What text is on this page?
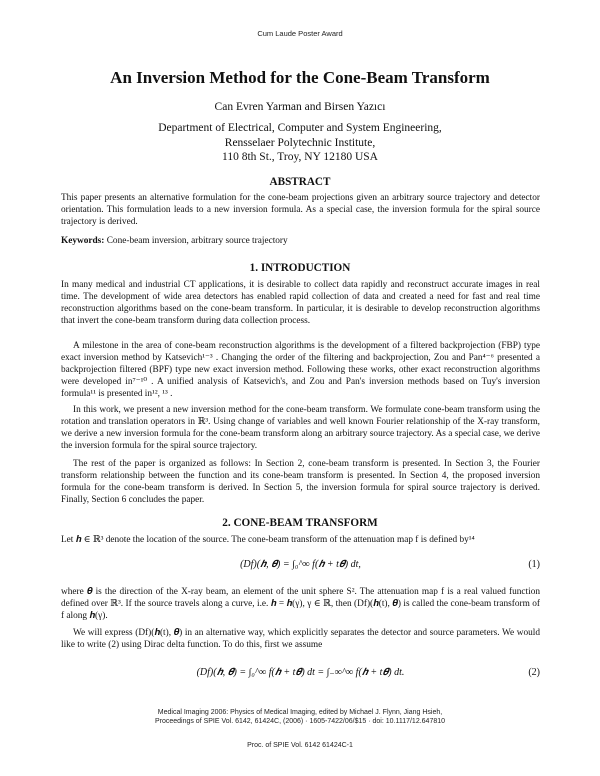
Cum Laude Poster Award
An Inversion Method for the Cone-Beam Transform
Can Evren Yarman and Birsen Yazıcı
Department of Electrical, Computer and System Engineering,
Rensselaer Polytechnic Institute,
110 8th St., Troy, NY 12180 USA
ABSTRACT

This paper presents an alternative formulation for the cone-beam projections given an arbitrary source trajectory and detector orientation. This formulation leads to a new inversion formula. As a special case, the inversion formula for the spiral source trajectory is derived.

Keywords: Cone-beam inversion, arbitrary source trajectory

1. INTRODUCTION

In many medical and industrial CT applications, it is desirable to collect data rapidly and reconstruct accurate images in real time. The development of wide area detectors has enabled rapid collection of data and created a need for fast and real time reconstruction algorithms based on the cone-beam transform. In particular, it is desirable to develop reconstruction algorithms that invert the cone-beam transform during data collection process.

A milestone in the area of cone-beam reconstruction algorithms is the development of a filtered backprojection (FBP) type exact inversion method by Katsevich¹⁻³ . Changing the order of the filtering and backprojection, Zou and Pan⁴⁻⁶ presented a backprojection filtered (BPF) type new exact inversion method. Following these works, other exact reconstruction algorithms were developed in⁷⁻¹⁰ . A unified analysis of Katsevich's, and Zou and Pan's inversion methods based on Tuy's inversion formula¹¹ is presented in¹², ¹³ .

In this work, we present a new inversion method for the cone-beam transform. We formulate cone-beam transform using the rotation and translation operators in ℝ³. Using change of variables and well known Fourier relationship of the X-ray transform, we derive a new inversion formula for the cone-beam transform along an arbitrary source trajectory. As a special case, we derive the inversion formula for the spiral source trajectory.

The rest of the paper is organized as follows: In Section 2, cone-beam transform is presented. In Section 3, the Fourier transform relationship between the function and its cone-beam transform is presented. In Section 4, the proposed inversion formula for the cone-beam transform is derived. In Section 5, the inversion formula for spiral source trajectory is derived. Finally, Section 6 concludes the paper.

2. CONE-BEAM TRANSFORM

Let 𝒉 ∈ ℝ³ denote the location of the source. The cone-beam transform of the attenuation map f is defined by¹⁴

(Df)(𝒉, 𝜽) = ∫₀^∞ f(𝒉 + t𝜽) dt,	(1)

where 𝜽 is the direction of the X-ray beam, an element of the unit sphere S². The attenuation map f is a real valued function defined over ℝ³. If the source travels along a curve, i.e. 𝒉 = 𝒉(γ), γ ∈ ℝ, then (Df)(𝒉(t), 𝜽) is called the cone-beam transform of f along 𝒉(γ).

We will express (Df)(𝒉(t), 𝜽) in an alternative way, which explicitly separates the detector and source parameters. We would like to write (2) using Dirac delta function. To do this, first we assume

(Df)(𝒉, 𝜽) = ∫₀^∞ f(𝒉 + t𝜽) dt = ∫₋∞^∞ f(𝒉 + t𝜽) dt.	(2)
Medical Imaging 2006: Physics of Medical Imaging, edited by Michael J. Flynn, Jiang Hsieh,
Proceedings of SPIE Vol. 6142, 61424C, (2006) · 1605-7422/06/$15 · doi: 10.1117/12.647810
Proc. of SPIE Vol. 6142 61424C-1
